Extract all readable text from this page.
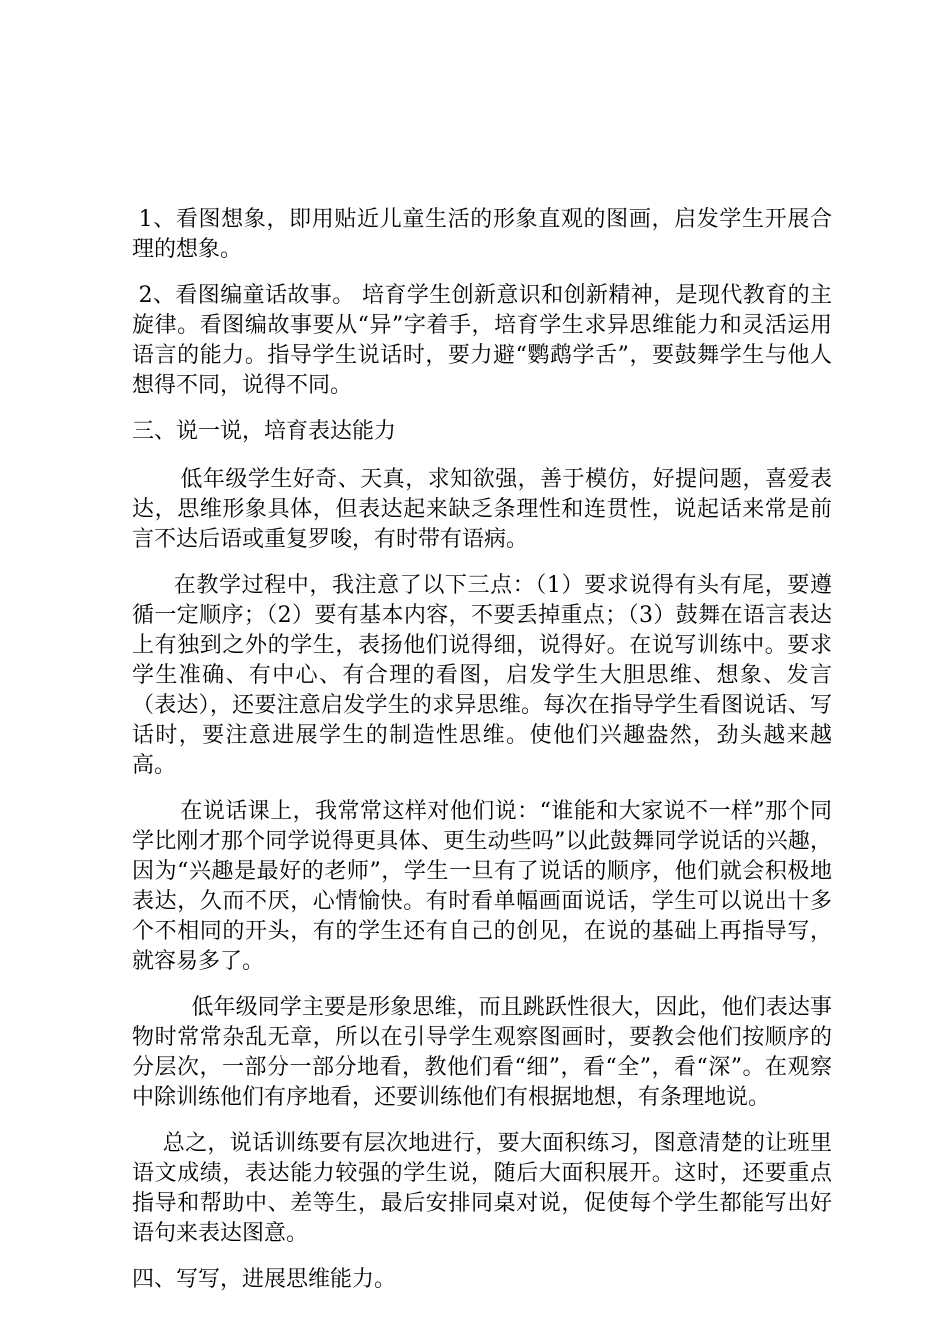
1、看图想象，即用贴近儿童生活的形象直观的图画，启发学生开展合理的想象。

2、看图编童话故事。 培育学生创新意识和创新精神，是现代教育的主旋律。看图编故事要从“异”字着手，培育学生求异思维能力和灵活运用语言的能力。指导学生说话时，要力避“鹦鹉学舌”，要鼓舞学生与他人想得不同，说得不同。

三、说一说，培育表达能力

低年级学生好奇、天真，求知欲强，善于模仿，好提问题，喜爱表达，思维形象具体，但表达起来缺乏条理性和连贯性，说起话来常是前言不达后语或重复罗唆，有时带有语病。

在教学过程中，我注意了以下三点：（1）要求说得有头有尾，要遵循一定顺序；（2）要有基本内容，不要丢掉重点；（3）鼓舞在语言表达上有独到之外的学生，表扬他们说得细，说得好。在说写训练中。要求学生准确、有中心、有合理的看图，启发学生大胆思维、想象、发言（表达），还要注意启发学生的求异思维。每次在指导学生看图说话、写话时，要注意进展学生的制造性思维。使他们兴趣盎然，劲头越来越高。

在说话课上，我常常这样对他们说：“谁能和大家说不一样”那个同学比刚才那个同学说得更具体、更生动些吗”以此鼓舞同学说话的兴趣，因为“兴趣是最好的老师”，学生一旦有了说话的顺序，他们就会积极地表达，久而不厌，心情愉快。有时看单幅画面说话，学生可以说出十多个不相同的开头，有的学生还有自己的创见，在说的基础上再指导写，就容易多了。

低年级同学主要是形象思维，而且跳跃性很大，因此，他们表达事物时常常杂乱无章，所以在引导学生观察图画时，要教会他们按顺序的分层次，一部分一部分地看，教他们看“细”，看“全”，看“深”。在观察中除训练他们有序地看，还要训练他们有根据地想，有条理地说。

总之，说话训练要有层次地进行，要大面积练习，图意清楚的让班里语文成绩，表达能力较强的学生说，随后大面积展开。这时，还要重点指导和帮助中、差等生，最后安排同桌对说，促使每个学生都能写出好语句来表达图意。

四、写写，进展思维能力。
